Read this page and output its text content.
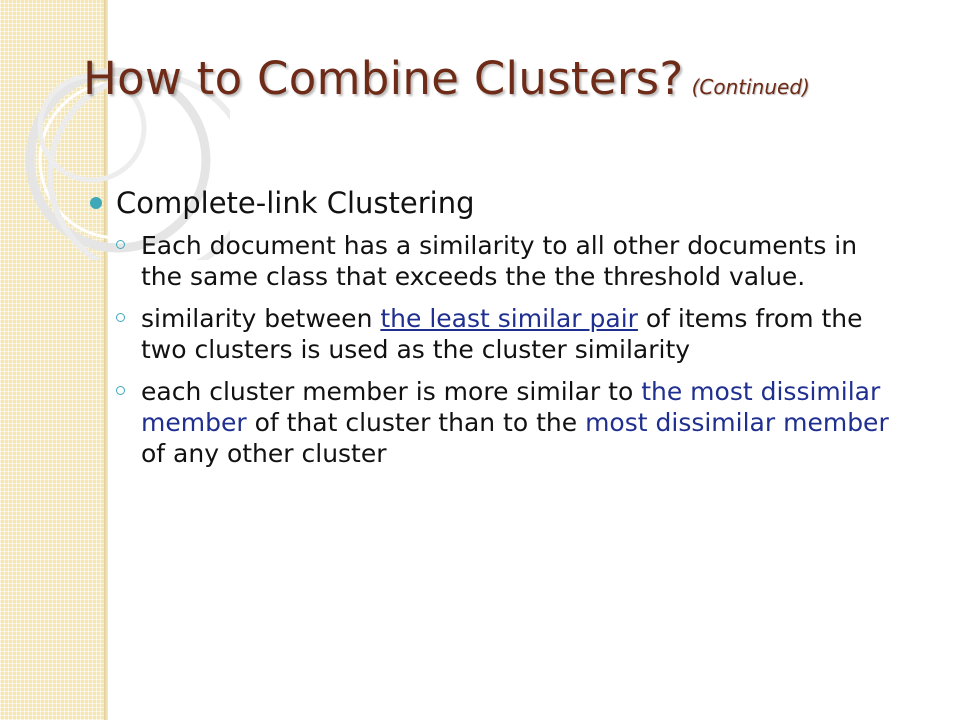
How to Combine Clusters? (Continued)
Complete-link Clustering
Each document has a similarity to all other documents in the same class that exceeds the the threshold value.
similarity between the least similar pair of items from the two clusters is used as the cluster similarity
each cluster member is more similar to the most dissimilar member of that cluster than to the most dissimilar member of any other cluster
